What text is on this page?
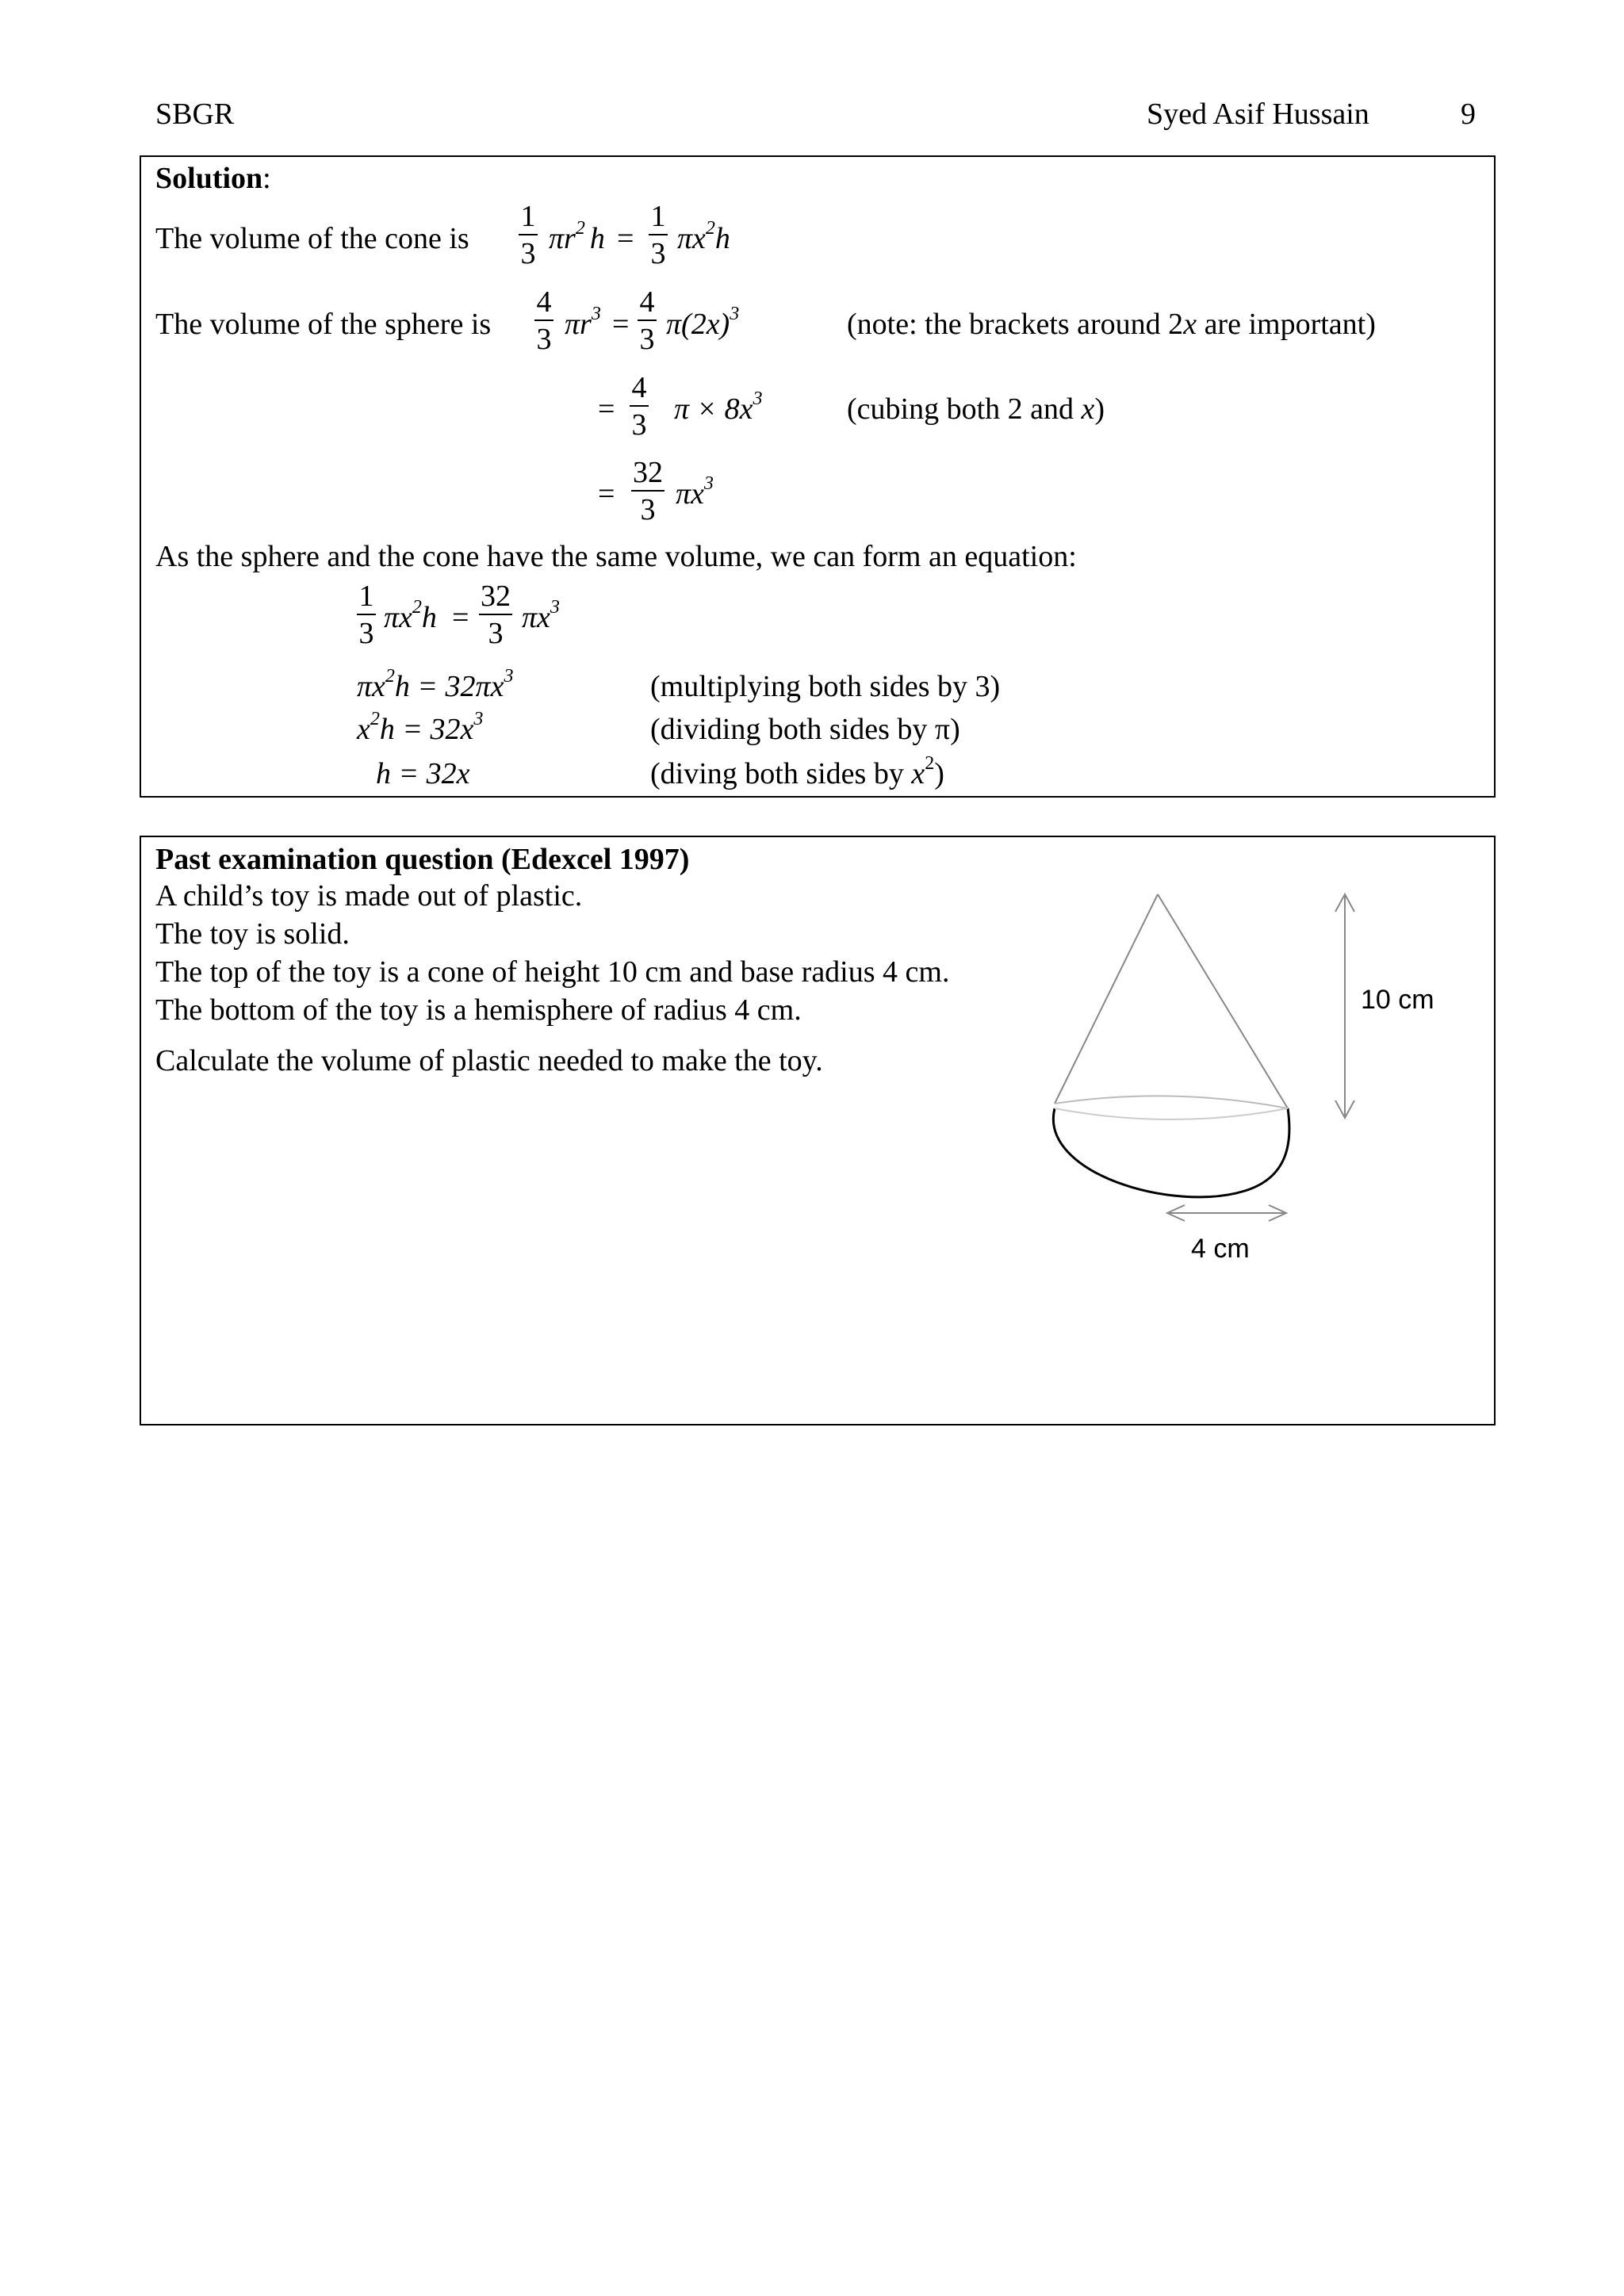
SBGR	Syed Asif Hussain	9
Solution:
The volume of the cone is
1
3 $\pi r^2$ h =
1
3 $\pi x^2h$
The volume of the sphere is
4
3 $\pi r^3$ =
4
3 $\pi(2x)^3$	(note: the brackets around 2x are important)
=
4
3 $\pi \times 8x^3$	(cubing both 2 and x)
=
32
3 $\pi x^3$
As the sphere and the cone have the same volume, we can form an equation:
1
3 $\pi x^2h$ =
32
3 $\pi x^3$
$\pi x^2h = 32\pi x^3$	(multiplying both sides by 3)
$x^2h = 32x^3$	(dividing both sides by π)
h = 32x	(diving both sides by $x^2$)
Past examination question (Edexcel 1997)
A child’s toy is made out of plastic.
The toy is solid.
The top of the toy is a cone of height 10 cm and base radius 4 cm.
The bottom of the toy is a hemisphere of radius 4 cm.
Calculate the volume of plastic needed to make the toy.
10 cm
4 cm
